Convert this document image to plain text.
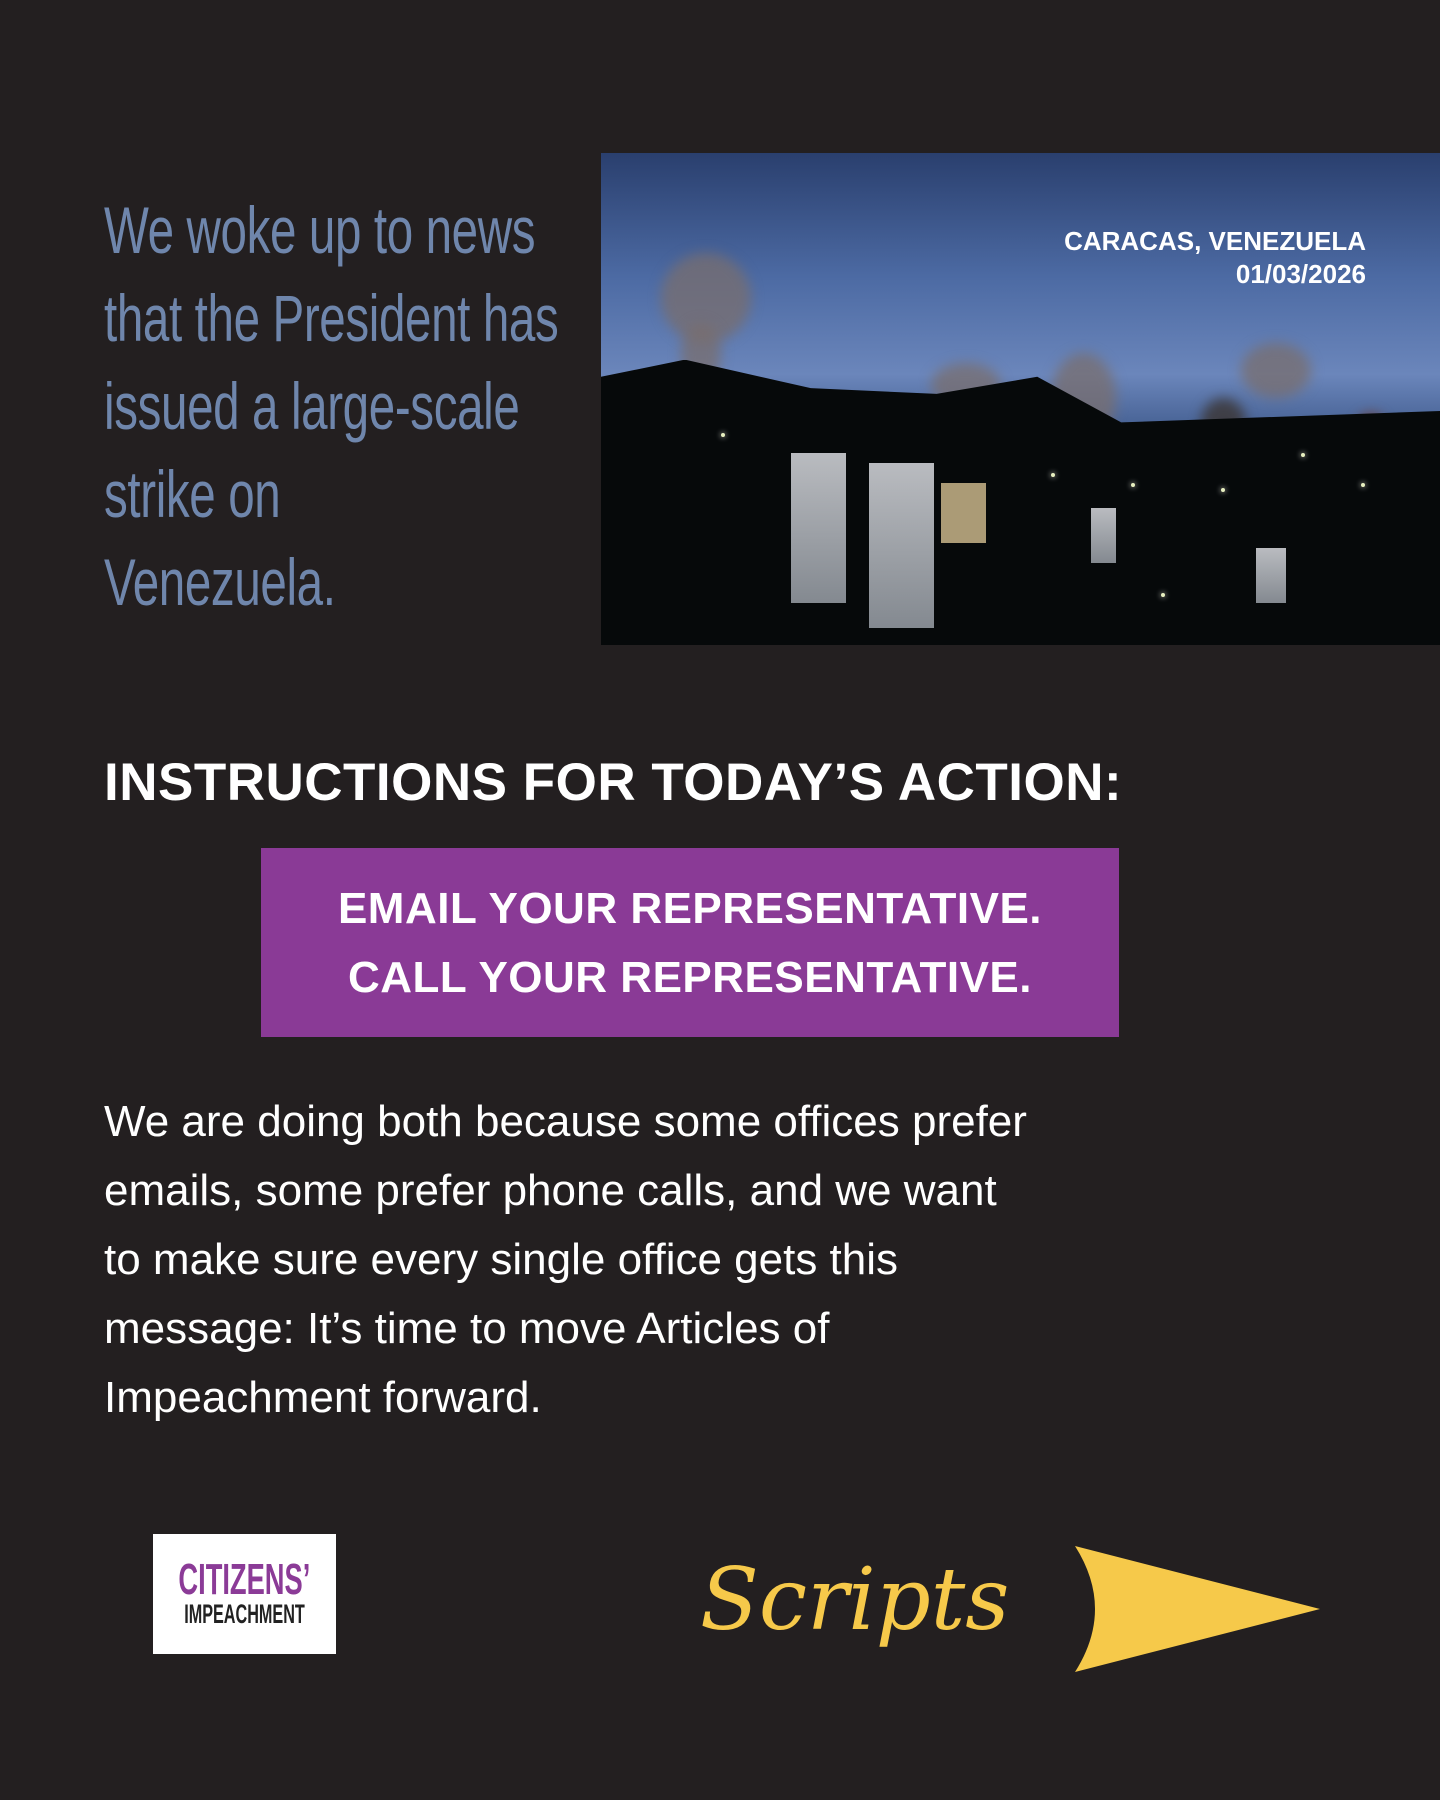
We woke up to news
that the President has
issued a large-scale
strike on
Venezuela.
CARACAS, VENEZUELA
01/03/2026
INSTRUCTIONS FOR TODAY’S ACTION:
EMAIL YOUR REPRESENTATIVE.
CALL YOUR REPRESENTATIVE.
We are doing both because some offices prefer
emails, some prefer phone calls, and we want
to make sure every single office gets this
message: It’s time to move Articles of
Impeachment forward.
CITIZENS’
IMPEACHMENT	Scripts
